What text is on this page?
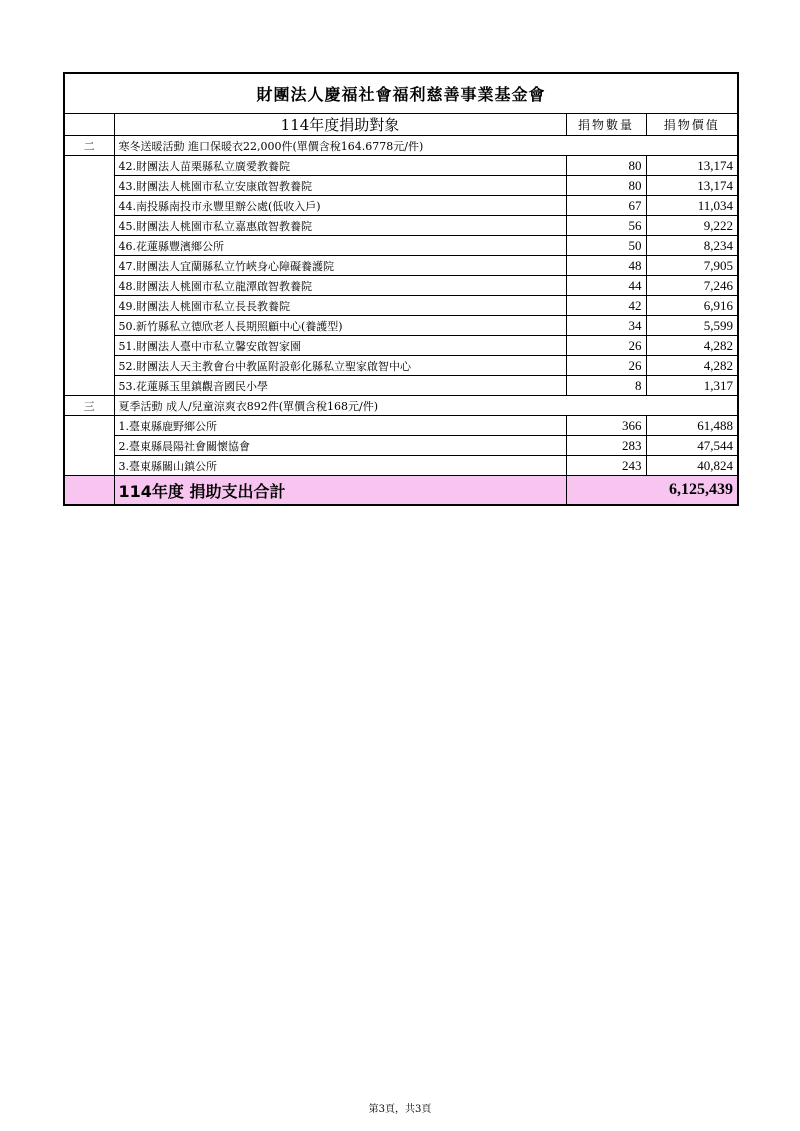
財團法人慶福社會福利慈善事業基金會			
	114年度捐助對象	捐物數量	捐物價值
二	寒冬送暖活動 進口保暖衣22,000件(單價含稅164.6778元/件)		
	42.財團法人苗栗縣私立廣愛教養院	80	13,174
	43.財團法人桃園市私立安康啟智教養院	80	13,174
	44.南投縣南投市永豐里辦公處(低收入戶)	67	11,034
	45.財團法人桃園市私立嘉惠啟智教養院	56	9,222
	46.花蓮縣豐濱鄉公所	50	8,234
	47.財團法人宜蘭縣私立竹峽身心障礙養護院	48	7,905
	48.財團法人桃園市私立龍潭啟智教養院	44	7,246
	49.財團法人桃園市私立長長教養院	42	6,916
	50.新竹縣私立德欣老人長期照顧中心(養護型)	34	5,599
	51.財團法人臺中市私立馨安啟智家園	26	4,282
	52.財團法人天主教會台中教區附設彰化縣私立聖家啟智中心	26	4,282
	53.花蓮縣玉里鎮觀音國民小學	8	1,317
三	夏季活動 成人/兒童涼爽衣892件(單價含稅168元/件)		
	1.臺東縣鹿野鄉公所	366	61,488
	2.臺東縣晨陽社會關懷協會	283	47,544
	3.臺東縣關山鎮公所	243	40,824
	114年度 捐助支出合計	6,125,439	
第3頁，共3頁
